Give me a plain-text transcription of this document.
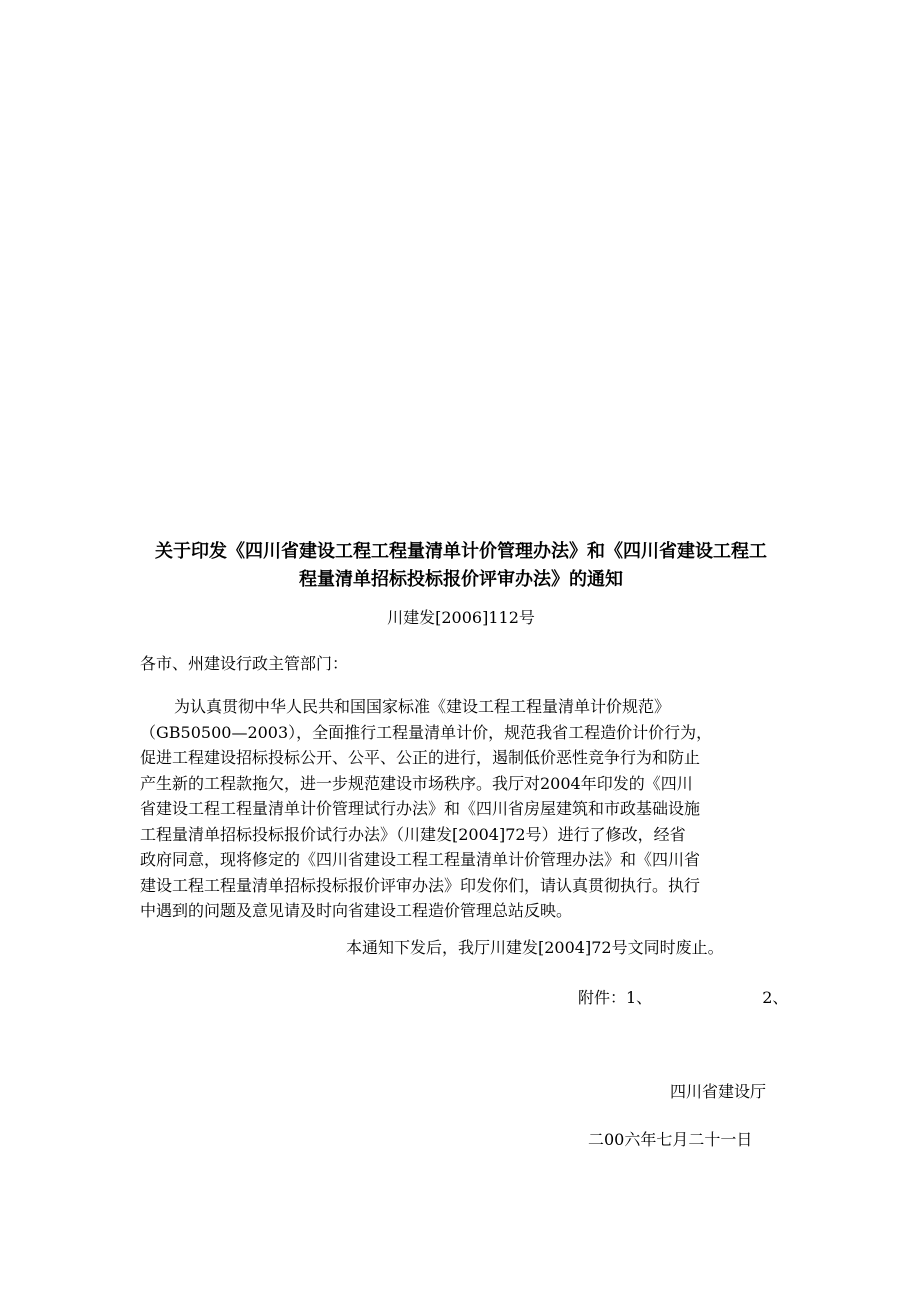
关于印发《四川省建设工程工程量清单计价管理办法》和《四川省建设工程工
程量清单招标投标报价评审办法》的通知

川建发[2006]112号

各市、州建设行政主管部门：

为认真贯彻中华人民共和国国家标准《建设工程工程量清单计价规范》
（GB50500—2003），全面推行工程量清单计价，规范我省工程造价计价行为，
促进工程建设招标投标公开、公平、公正的进行，遏制低价恶性竞争行为和防止
产生新的工程款拖欠，进一步规范建设市场秩序。我厅对2004年印发的《四川
省建设工程工程量清单计价管理试行办法》和《四川省房屋建筑和市政基础设施
工程量清单招标投标报价试行办法》（川建发[2004]72号）进行了修改，经省
政府同意，现将修定的《四川省建设工程工程量清单计价管理办法》和《四川省
建设工程工程量清单招标投标报价评审办法》印发你们，请认真贯彻执行。执行
中遇到的问题及意见请及时向省建设工程造价管理总站反映。

本通知下发后，我厅川建发[2004]72号文同时废止。

附件：1、	2、

四川省建设厅

二00六年七月二十一日
